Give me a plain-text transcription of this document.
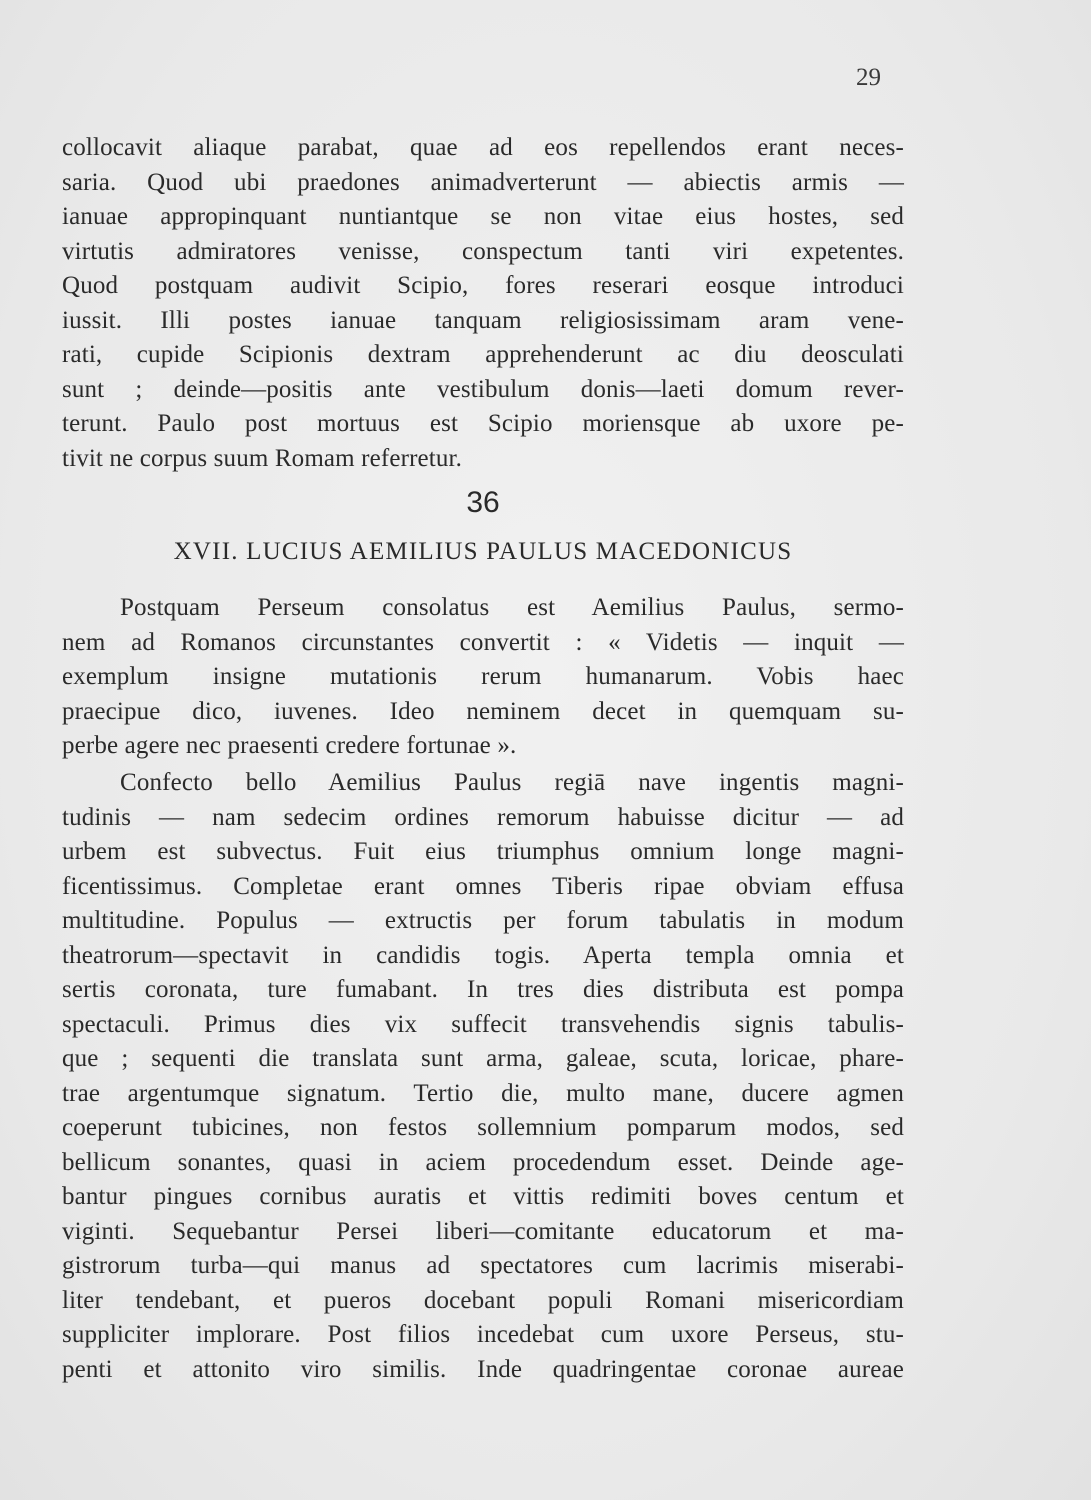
29
collocavit aliaque parabat, quae ad eos repellendos erant neces-
saria. Quod ubi praedones animadverterunt — abiectis armis —
ianuae appropinquant nuntiantque se non vitae eius hostes, sed
virtutis admiratores venisse, conspectum tanti viri expetentes.
Quod postquam audivit Scipio, fores reserari eosque introduci
iussit. Illi postes ianuae tanquam religiosissimam aram vene-
rati, cupide Scipionis dextram apprehenderunt ac diu deosculati
sunt ; deinde—positis ante vestibulum donis—laeti domum rever-
terunt. Paulo post mortuus est Scipio moriensque ab uxore pe-
tivit ne corpus suum Romam referretur.
36
XVII. LUCIUS AEMILIUS PAULUS MACEDONICUS
Postquam Perseum consolatus est Aemilius Paulus, sermo-
nem ad Romanos circunstantes convertit : « Videtis — inquit —
exemplum insigne mutationis rerum humanarum. Vobis haec
praecipue dico, iuvenes. Ideo neminem decet in quemquam su-
perbe agere nec praesenti credere fortunae ».
Confecto bello Aemilius Paulus regiā nave ingentis magni-
tudinis — nam sedecim ordines remorum habuisse dicitur — ad
urbem est subvectus. Fuit eius triumphus omnium longe magni-
ficentissimus. Completae erant omnes Tiberis ripae obviam effusa
multitudine. Populus — extructis per forum tabulatis in modum
theatrorum—spectavit in candidis togis. Aperta templa omnia et
sertis coronata, ture fumabant. In tres dies distributa est pompa
spectaculi. Primus dies vix suffecit transvehendis signis tabulis-
que ; sequenti die translata sunt arma, galeae, scuta, loricae, phare-
trae argentumque signatum. Tertio die, multo mane, ducere agmen
coeperunt tubicines, non festos sollemnium pomparum modos, sed
bellicum sonantes, quasi in aciem procedendum esset. Deinde age-
bantur pingues cornibus auratis et vittis redimiti boves centum et
viginti. Sequebantur Persei liberi—comitante educatorum et ma-
gistrorum turba—qui manus ad spectatores cum lacrimis miserabi-
liter tendebant, et pueros docebant populi Romani misericordiam
suppliciter implorare. Post filios incedebat cum uxore Perseus, stu-
penti et attonito viro similis. Inde quadringentae coronae aureae
